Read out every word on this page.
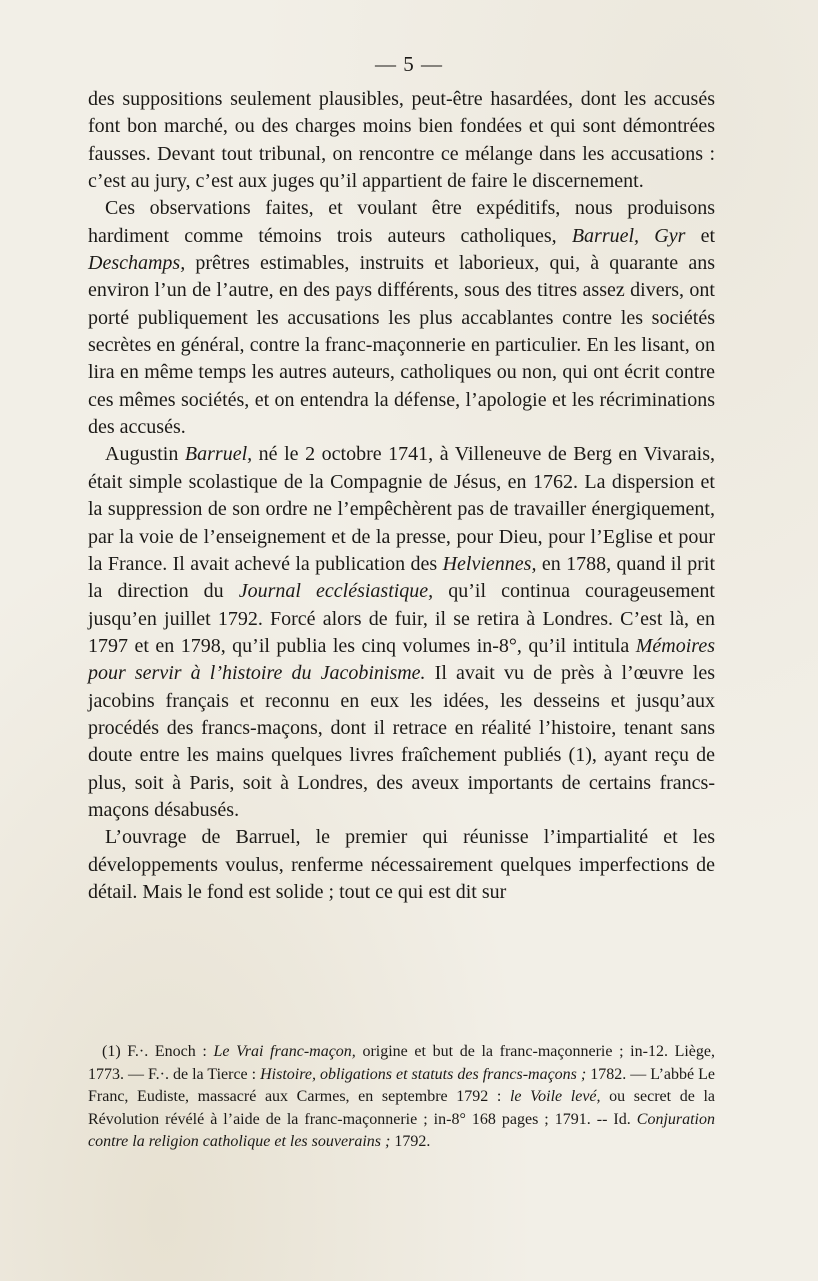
— 5 —

des suppositions seulement plausibles, peut-être hasardées, dont les accusés font bon marché, ou des charges moins bien fondées et qui sont démontrées fausses. Devant tout tribunal, on rencontre ce mélange dans les accusations : c’est au jury, c’est aux juges qu’il appartient de faire le discernement.

Ces observations faites, et voulant être expéditifs, nous produisons hardiment comme témoins trois auteurs catholiques, Barruel, Gyr et Deschamps, prêtres estimables, instruits et laborieux, qui, à quarante ans environ l’un de l’autre, en des pays différents, sous des titres assez divers, ont porté publiquement les accusations les plus accablantes contre les sociétés secrètes en général, contre la franc-maçonnerie en particulier. En les lisant, on lira en même temps les autres auteurs, catholiques ou non, qui ont écrit contre ces mêmes sociétés, et on entendra la défense, l’apologie et les récriminations des accusés.

Augustin Barruel, né le 2 octobre 1741, à Villeneuve de Berg en Vivarais, était simple scolastique de la Compagnie de Jésus, en 1762. La dispersion et la suppression de son ordre ne l’empêchèrent pas de travailler énergiquement, par la voie de l’enseignement et de la presse, pour Dieu, pour l’Eglise et pour la France. Il avait achevé la publication des Helviennes, en 1788, quand il prit la direction du Journal ecclésiastique, qu’il continua courageusement jusqu’en juillet 1792. Forcé alors de fuir, il se retira à Londres. C’est là, en 1797 et en 1798, qu’il publia les cinq volumes in-8°, qu’il intitula Mémoires pour servir à l’histoire du Jacobinisme. Il avait vu de près à l’œuvre les jacobins français et reconnu en eux les idées, les desseins et jusqu’aux procédés des francs-maçons, dont il retrace en réalité l’histoire, tenant sans doute entre les mains quelques livres fraîchement publiés (1), ayant reçu de plus, soit à Paris, soit à Londres, des aveux importants de certains francs-maçons désabusés.

L’ouvrage de Barruel, le premier qui réunisse l’impartialité et les développements voulus, renferme nécessairement quelques imperfections de détail. Mais le fond est solide ; tout ce qui est dit sur

(1) F.·. Enoch : Le Vrai franc-maçon, origine et but de la franc-maçonnerie ; in-12. Liège, 1773. — F.·. de la Tierce : Histoire, obligations et statuts des francs-maçons ; 1782. — L’abbé Le Franc, Eudiste, massacré aux Carmes, en septembre 1792 : le Voile levé, ou secret de la Révolution révélé à l’aide de la franc-maçonnerie ; in-8° 168 pages ; 1791. -- Id. Conjuration contre la religion catholique et les souverains ; 1792.
